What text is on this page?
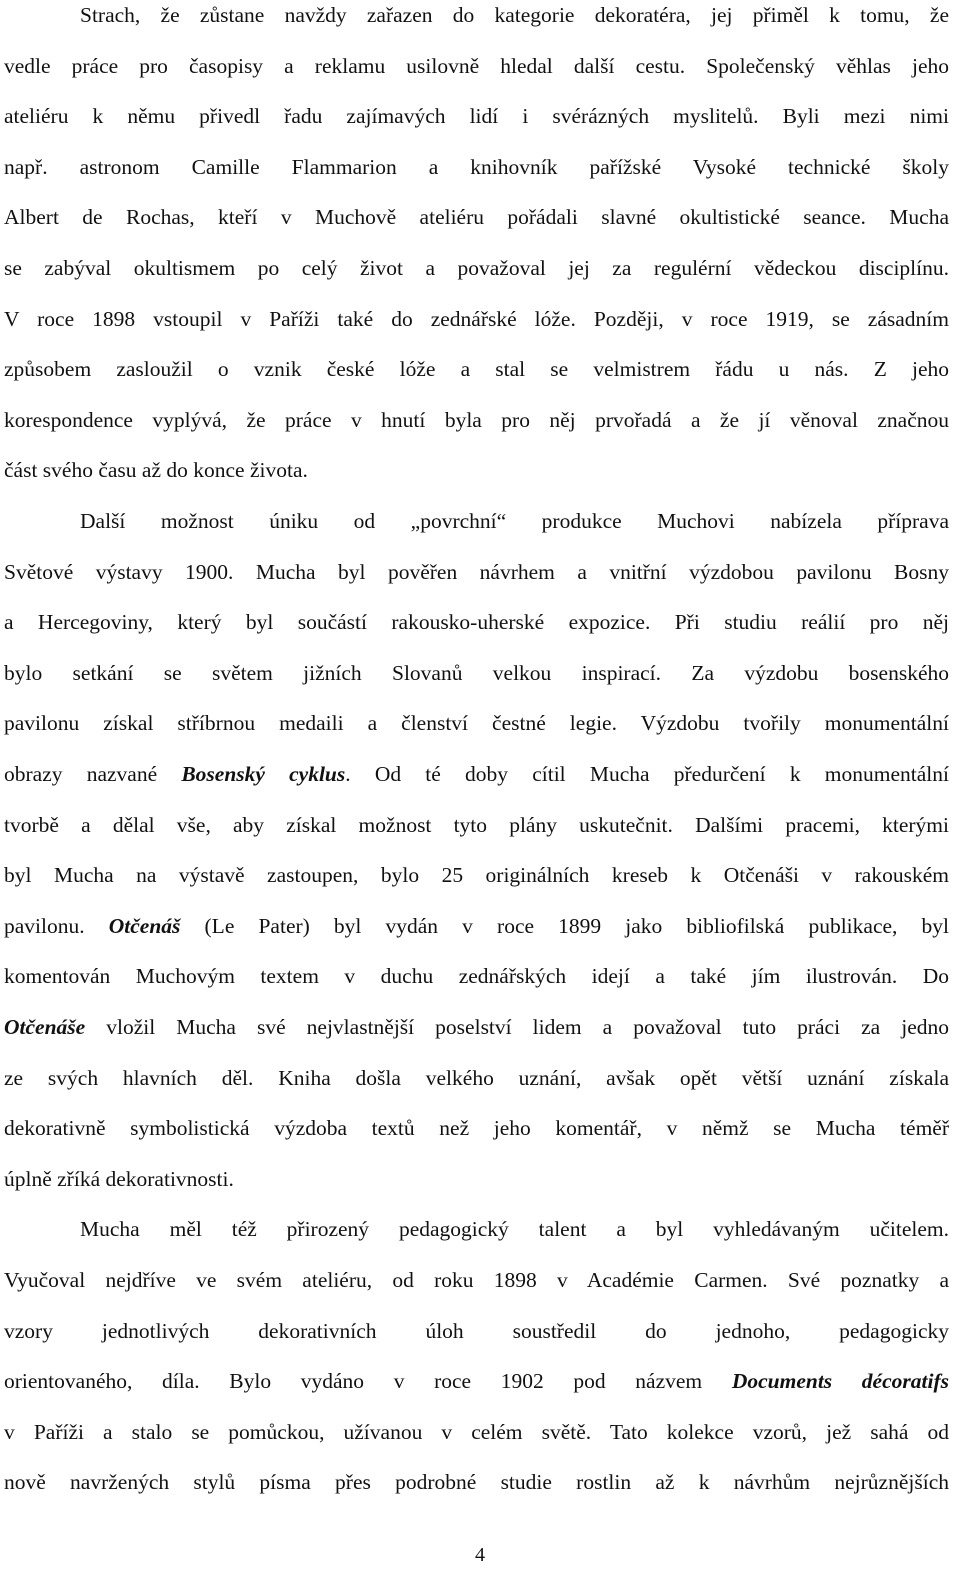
Strach, že zůstane navždy zařazen do kategorie dekoratéra, jej přiměl k tomu, že
vedle práce pro časopisy a reklamu usilovně hledal další cestu. Společenský věhlas jeho
ateliéru k němu přivedl řadu zajímavých lidí i svérázných myslitelů. Byli mezi nimi
např. astronom Camille Flammarion a knihovník pařížské Vysoké technické školy
Albert de Rochas, kteří v Muchově ateliéru pořádali slavné okultistické seance. Mucha
se zabýval okultismem po celý život a považoval jej za regulérní vědeckou disciplínu.
V roce 1898 vstoupil v Paříži také do zednářské lóže. Později, v roce 1919, se zásadním
způsobem zasloužil o vznik české lóže a stal se velmistrem řádu u nás. Z jeho
korespondence vyplývá, že práce v hnutí byla pro něj prvořadá a že jí věnoval značnou
část svého času až do konce života.
Další možnost úniku od „povrchní“ produkce Muchovi nabízela příprava
Světové výstavy 1900. Mucha byl pověřen návrhem a vnitřní výzdobou pavilonu Bosny
a Hercegoviny, který byl součástí rakousko-uherské expozice. Při studiu reálií pro něj
bylo setkání se světem jižních Slovanů velkou inspirací. Za výzdobu bosenského
pavilonu získal stříbrnou medaili a členství čestné legie. Výzdobu tvořily monumentální
obrazy nazvané Bosenský cyklus. Od té doby cítil Mucha předurčení k monumentální
tvorbě a dělal vše, aby získal možnost tyto plány uskutečnit. Dalšími pracemi, kterými
byl Mucha na výstavě zastoupen, bylo 25 originálních kreseb k Otčenáši v rakouském
pavilonu. Otčenáš (Le Pater) byl vydán v roce 1899 jako bibliofilská publikace, byl
komentován Muchovým textem v duchu zednářských idejí a také jím ilustrován. Do
Otčenáše vložil Mucha své nejvlastnější poselství lidem a považoval tuto práci za jedno
ze svých hlavních děl. Kniha došla velkého uznání, avšak opět větší uznání získala
dekorativně symbolistická výzdoba textů než jeho komentář, v němž se Mucha téměř
úplně zříká dekorativnosti.
Mucha měl též přirozený pedagogický talent a byl vyhledávaným učitelem.
Vyučoval nejdříve ve svém ateliéru, od roku 1898 v Académie Carmen. Své poznatky a
vzory jednotlivých dekorativních úloh soustředil do jednoho, pedagogicky
orientovaného, díla. Bylo vydáno v roce 1902 pod názvem Documents décoratifs
v Paříži a stalo se pomůckou, užívanou v celém světě. Tato kolekce vzorů, jež sahá od
nově navržených stylů písma přes podrobné studie rostlin až k návrhům nejrůznějších
4
